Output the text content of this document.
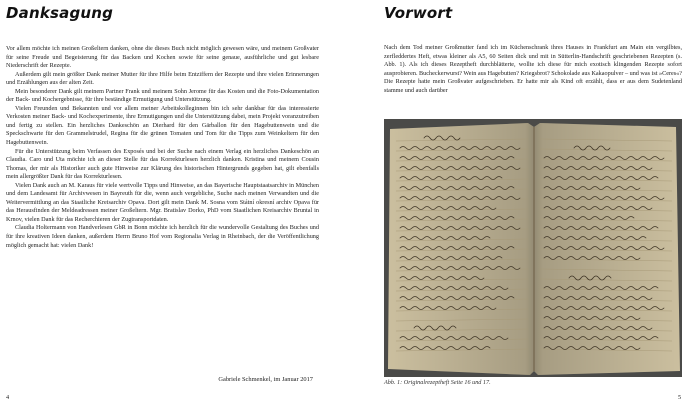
Danksagung

Vor allem möchte ich meinen Großeltern danken, ohne die dieses Buch nicht möglich gewesen wäre, und meinem Großvater für seine Freude und Begeisterung für das Backen und Kochen sowie für seine genaue, ausführliche und gut lesbare Niederschrift der Rezepte.

Außerdem gilt mein größter Dank meiner Mutter für ihre Hilfe beim Entziffern der Rezepte und ihre vielen Erinnerungen und Erzählungen aus der alten Zeit.

Mein besonderer Dank gilt meinem Partner Frank und meinem Sohn Jerome für das Kosten und die Foto-Dokumentation der Back- und Kochergebnisse, für ihre beständige Ermutigung und Unterstützung.

Vielen Freunden und Bekannten und vor allem meiner Arbeitskolleginnen bin ich sehr dankbar für das interessierte Verkosten meiner Back- und Kochexperimente, ihre Ermutigungen und die Unterstützung dabei, mein Projekt voranzutreiben und fertig zu stellen. Ein herzliches Dankeschön an Dierhard für den Gärballon für den Hagebuttenwein und die Speckschwarte für den Grammelstrudel, Regina für die grünen Tomaten und Tom für die Tipps zum Weinkeltern für den Hagebuttenwein.

Für die Unterstützung beim Verfassen des Exposés und bei der Suche nach einem Verlag ein herzliches Dankeschön an Claudia. Caro und Uta möchte ich an dieser Stelle für das Korrekturlesen herzlich danken. Kristina und meinem Cousin Thomas, der mir als Historiker auch gute Hinweise zur Klärung des historischen Hintergrunds gegeben hat, gilt ebenfalls mein allergrößter Dank für das Korrekturlesen.

Vielen Dank auch an M. Karaus für viele wertvolle Tipps und Hinweise, an das Bayerische Hauptstaatsarchiv in München und dem Landesamt für Archivwesen in Bayreuth für die, wenn auch vergebliche, Suche nach meinen Verwandten und die Weitervermittlung an das Staatliche Kreisarchiv Opava. Dort gilt mein Dank M. Sosna vom Státní okresní archiv Opava für das Herausfinden der Meldeadressen meiner Großeltern. Mgr. Bratislav Dorko, PhD vom Staatlichen Kreisarchiv Bruntal in Krnov, vielen Dank für das Recherchieren der Zugtransportdaten.

Claudia Holtermann von Handverlesen GbR in Bonn möchte ich herzlich für die wundervolle Gestaltung des Buches und für ihre kreativen Ideen danken, außerdem Herrn Bruno Hof vom Regionalia Verlag in Rheinbach, der die Veröffentlichung möglich gemacht hat: vielen Dank!

Gabriele Schmenkel, im Januar 2017
4
Vorwort

Nach dem Tod meiner Großmutter fand ich im Küchenschrank ihres Hauses in Frankfurt am Main ein vergilbtes, zerfleddertes Heft, etwas kleiner als A5, 60 Seiten dick und mit in Sütterlin-Handschrift geschriebenen Rezepten (s. Abb. 1). Als ich dieses Rezeptheft durchblätterte, wollte ich diese für mich exotisch klingenden Rezepte sofort ausprobieren. Bucheckerwurst? Wein aus Hagebutten? Kriegsbrot? Schokolade aus Kakaopulver – und was ist »Ceres«? Die Rezepte hatte mein Großvater aufgeschrieben. Er hatte mir als Kind oft erzählt, dass er aus dem Sudetenland stamme und auch darüber

Abb. 1: Originalrezeptheft Seite 16 und 17.
5
